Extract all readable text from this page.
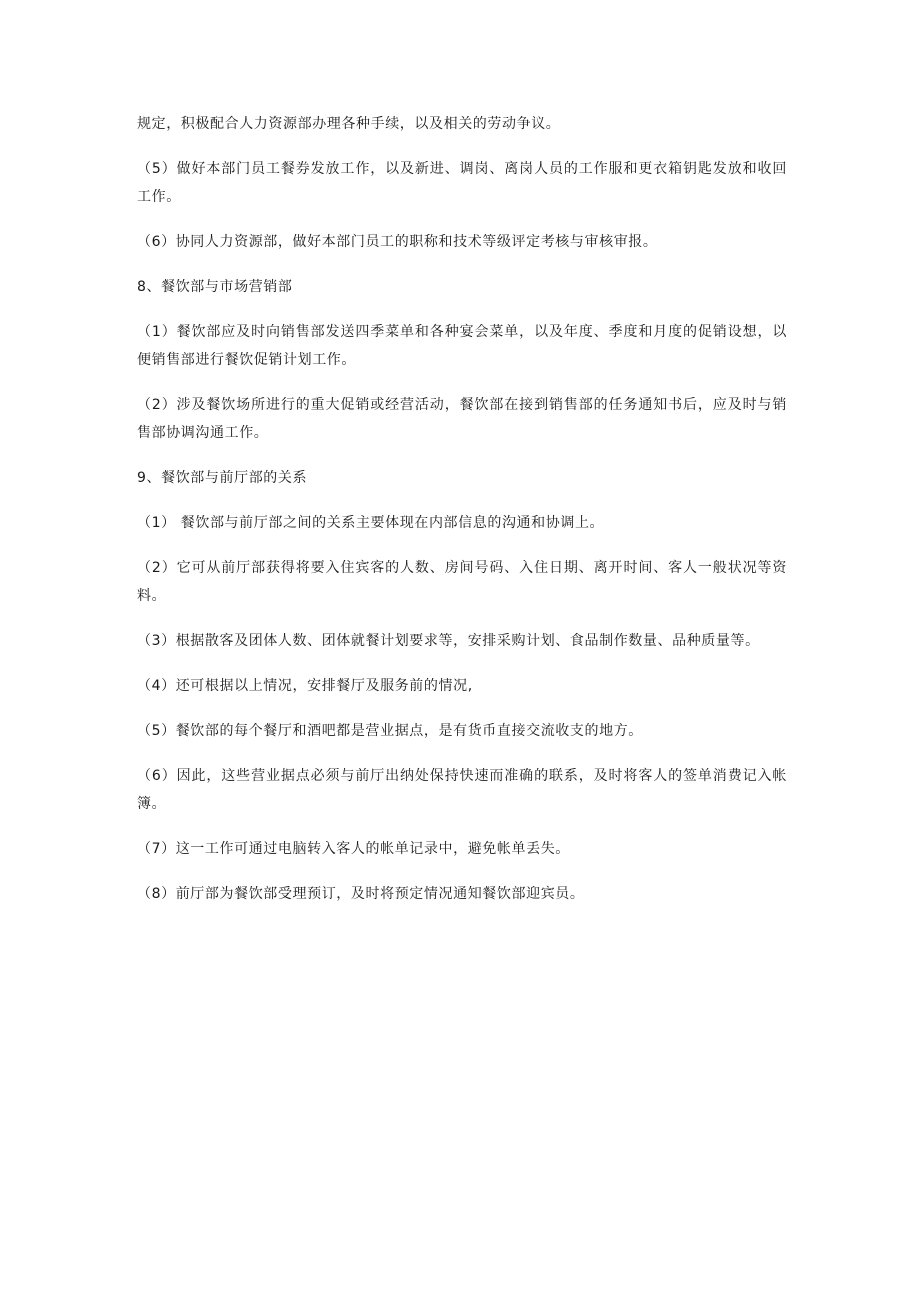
规定，积极配合人力资源部办理各种手续，以及相关的劳动争议。

（5）做好本部门员工餐券发放工作，以及新进、调岗、离岗人员的工作服和更衣箱钥匙发放和收回工作。

（6）协同人力资源部，做好本部门员工的职称和技术等级评定考核与审核审报。

8、餐饮部与市场营销部

（1）餐饮部应及时向销售部发送四季菜单和各种宴会菜单，以及年度、季度和月度的促销设想，以便销售部进行餐饮促销计划工作。

（2）涉及餐饮场所进行的重大促销或经营活动，餐饮部在接到销售部的任务通知书后，应及时与销售部协调沟通工作。

9、餐饮部与前厅部的关系

（1） 餐饮部与前厅部之间的关系主要体现在内部信息的沟通和协调上。

（2）它可从前厅部获得将要入住宾客的人数、房间号码、入住日期、离开时间、客人一般状况等资料。

（3）根据散客及团体人数、团体就餐计划要求等，安排采购计划、食品制作数量、品种质量等。

（4）还可根据以上情况，安排餐厅及服务前的情况,

（5）餐饮部的每个餐厅和酒吧都是营业据点，是有货币直接交流收支的地方。

（6）因此，这些营业据点必须与前厅出纳处保持快速而准确的联系，及时将客人的签单消费记入帐簿。

（7）这一工作可通过电脑转入客人的帐单记录中，避免帐单丢失。

（8）前厅部为餐饮部受理预订，及时将预定情况通知餐饮部迎宾员。
